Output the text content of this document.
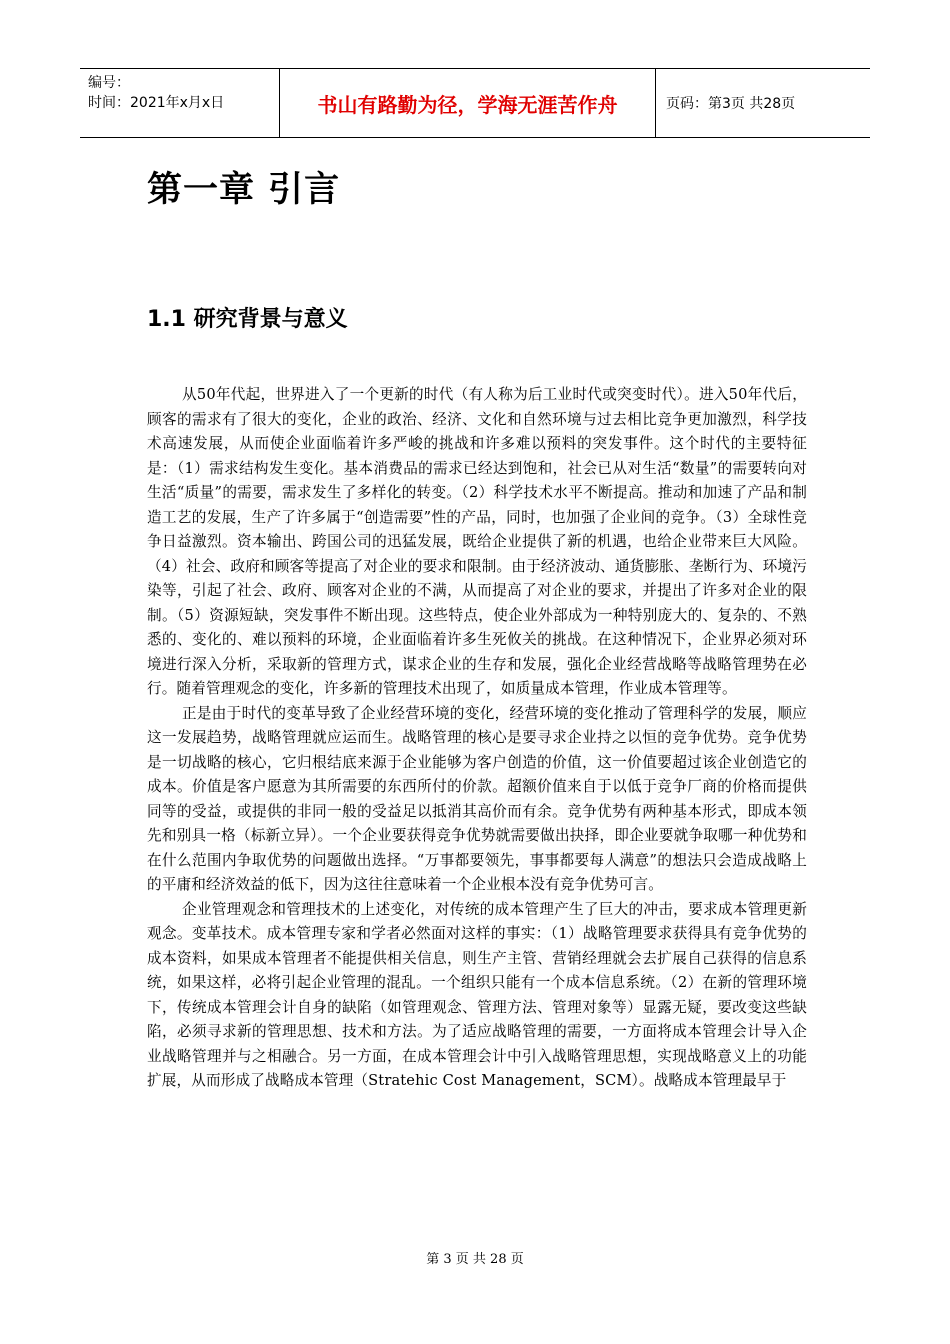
编号：
时间：2021年x月x日	书山有路勤为径，学海无涯苦作舟	页码：第3页 共28页
第一章 引言
1.1 研究背景与意义

从50年代起，世界进入了一个更新的时代（有人称为后工业时代或突变时代）。进入50年代后，顾客的需求有了很大的变化，企业的政治、经济、文化和自然环境与过去相比竞争更加激烈，科学技术高速发展，从而使企业面临着许多严峻的挑战和许多难以预料的突发事件。这个时代的主要特征是：（1）需求结构发生变化。基本消费品的需求已经达到饱和，社会已从对生活“数量”的需要转向对生活“质量”的需要，需求发生了多样化的转变。（2）科学技术水平不断提高。推动和加速了产品和制造工艺的发展，生产了许多属于“创造需要”性的产品，同时，也加强了企业间的竞争。（3）全球性竞争日益激烈。资本输出、跨国公司的迅猛发展，既给企业提供了新的机遇，也给企业带来巨大风险。（4）社会、政府和顾客等提高了对企业的要求和限制。由于经济波动、通货膨胀、垄断行为、环境污染等，引起了社会、政府、顾客对企业的不满，从而提高了对企业的要求，并提出了许多对企业的限制。（5）资源短缺，突发事件不断出现。这些特点，使企业外部成为一种特别庞大的、复杂的、不熟悉的、变化的、难以预料的环境，企业面临着许多生死攸关的挑战。在这种情况下，企业界必须对环境进行深入分析，采取新的管理方式，谋求企业的生存和发展，强化企业经营战略等战略管理势在必行。随着管理观念的变化，许多新的管理技术出现了，如质量成本管理，作业成本管理等。

正是由于时代的变革导致了企业经营环境的变化，经营环境的变化推动了管理科学的发展，顺应这一发展趋势，战略管理就应运而生。战略管理的核心是要寻求企业持之以恒的竞争优势。竞争优势是一切战略的核心，它归根结底来源于企业能够为客户创造的价值，这一价值要超过该企业创造它的成本。价值是客户愿意为其所需要的东西所付的价款。超额价值来自于以低于竞争厂商的价格而提供同等的受益，或提供的非同一般的受益足以抵消其高价而有余。竞争优势有两种基本形式，即成本领先和别具一格（标新立异）。一个企业要获得竞争优势就需要做出抉择，即企业要就争取哪一种优势和在什么范围内争取优势的问题做出选择。“万事都要领先，事事都要每人满意”的想法只会造成战略上的平庸和经济效益的低下，因为这往往意味着一个企业根本没有竞争优势可言。

企业管理观念和管理技术的上述变化，对传统的成本管理产生了巨大的冲击，要求成本管理更新观念。变革技术。成本管理专家和学者必然面对这样的事实：（1）战略管理要求获得具有竞争优势的成本资料，如果成本管理者不能提供相关信息，则生产主管、营销经理就会去扩展自己获得的信息系统，如果这样，必将引起企业管理的混乱。一个组织只能有一个成本信息系统。（2）在新的管理环境下，传统成本管理会计自身的缺陷（如管理观念、管理方法、管理对象等）显露无疑，要改变这些缺陷，必须寻求新的管理思想、技术和方法。为了适应战略管理的需要，一方面将成本管理会计导入企业战略管理并与之相融合。另一方面，在成本管理会计中引入战略管理思想，实现战略意义上的功能扩展，从而形成了战略成本管理（Stratehic Cost Management，SCM）。战略成本管理最早于

第 3 页 共 28 页
